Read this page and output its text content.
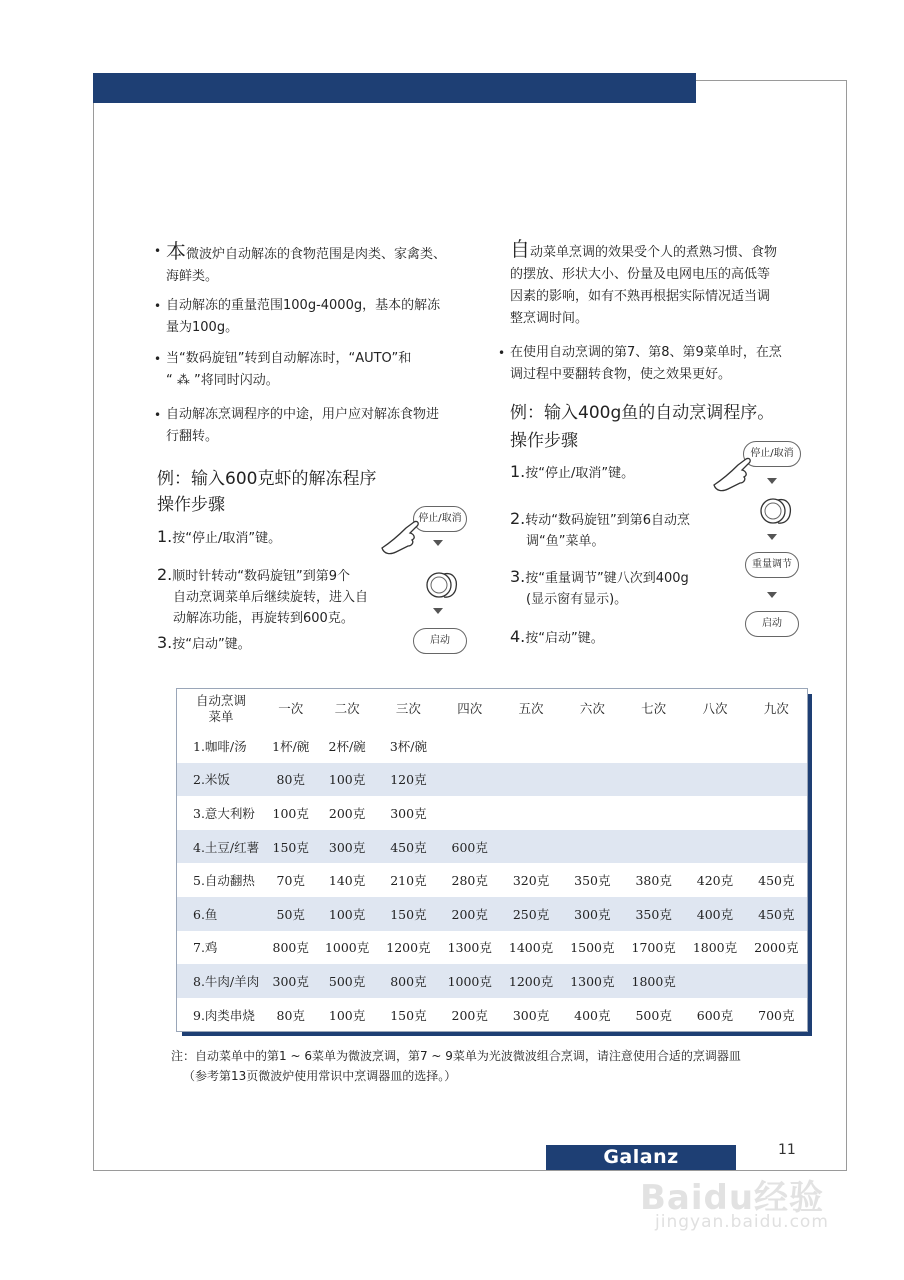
• 本微波炉自动解冻的食物范围是肉类、家禽类、
海鲜类。
• 自动解冻的重量范围100g-4000g，基本的解冻
量为100g。
• 当“数码旋钮”转到自动解冻时，“AUTO”和
“ ⁂ ”将同时闪动。
• 自动解冻烹调程序的中途，用户应对解冻食物进
行翻转。
例：输入600克虾的解冻程序
操作步骤
1.按“停止/取消”键。
2.顺时针转动“数码旋钮”到第9个
自动烹调菜单后继续旋转，进入自
动解冻功能，再旋转到600克。
3.按“启动”键。
停止/取消
启动
自动菜单烹调的效果受个人的煮熟习惯、食物
的摆放、形状大小、份量及电网电压的高低等
因素的影响，如有不熟再根据实际情况适当调
整烹调时间。
• 在使用自动烹调的第7、第8、第9菜单时，在烹
调过程中要翻转食物，使之效果更好。
例：输入400g鱼的自动烹调程序。
操作步骤
1.按“停止/取消”键。
2.转动“数码旋钮”到第6自动烹
调“鱼”菜单。
3.按“重量调节”键八次到400g
(显示窗有显示)。
4.按“启动”键。
停止/取消
重量调节
启动
自动烹调
菜单	一次	二次	三次	四次	五次	六次	七次	八次	九次
1.咖啡/汤	1杯/碗	2杯/碗	3杯/碗						
2.米饭	80克	100克	120克						
3.意大利粉	100克	200克	300克						
4.土豆/红薯	150克	300克	450克	600克					
5.自动翻热	70克	140克	210克	280克	320克	350克	380克	420克	450克
6.鱼	50克	100克	150克	200克	250克	300克	350克	400克	450克
7.鸡	800克	1000克	1200克	1300克	1400克	1500克	1700克	1800克	2000克
8.牛肉/羊肉	300克	500克	800克	1000克	1200克	1300克	1800克		
9.肉类串烧	80克	100克	150克	200克	300克	400克	500克	600克	700克
注：自动菜单中的第1 ~ 6菜单为微波烹调，第7 ~ 9菜单为光波微波组合烹调，请注意使用合适的烹调器皿
（参考第13页微波炉使用常识中烹调器皿的选择。）
Galanz	11
Baidu经验
jingyan.baidu.com
